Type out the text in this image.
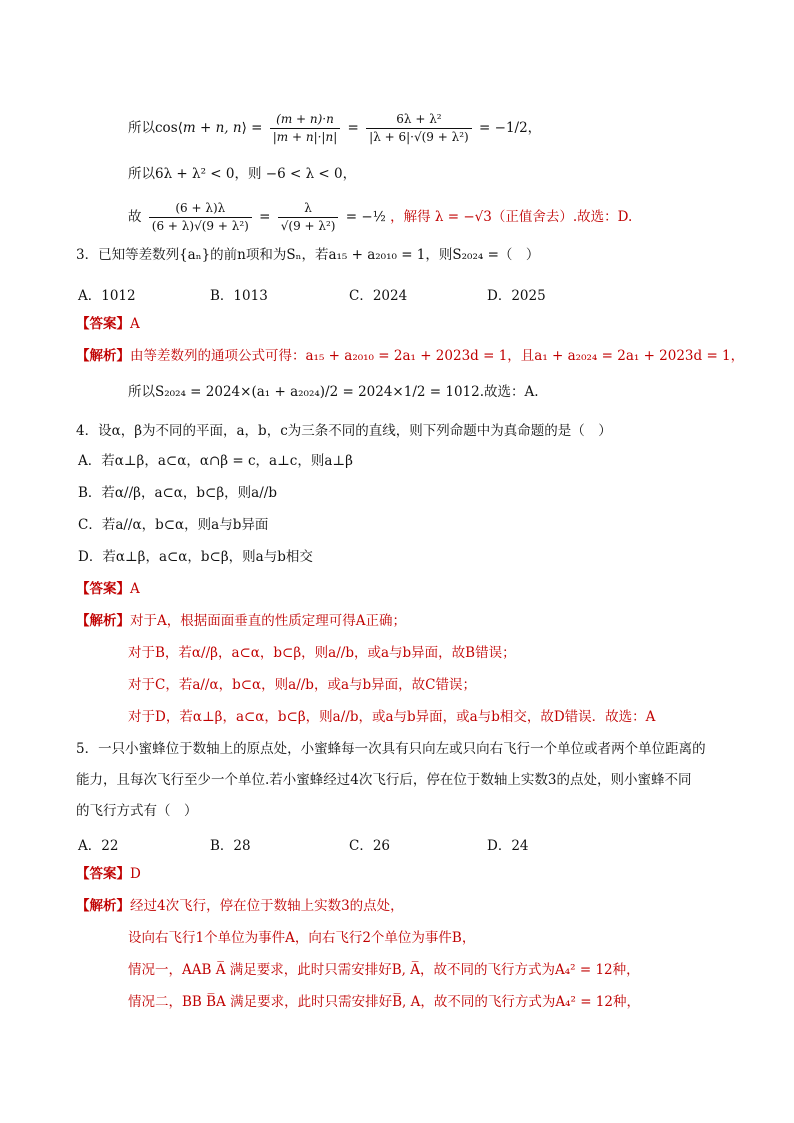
所以cos⟨m + n, n⟩ = $\frac{(m + n)\cdot n}{|m + n|\cdot|n|} = \frac{\text{6λ + λ²}}{\text{|λ + 6|·√(9 + λ²)}} = -1/2$，
所以6λ + λ² < 0，则 −6 < λ < 0，
故 $\frac{(6 + \lambda)\lambda}{\text{(6 + λ)√(9 + λ²)}} = \frac{\lambda}{\text{√(9 + λ²)}}$ = −½ ，解得 λ = −√3（正值舍去）.故选：D.
3．已知等差数列{aₙ}的前n项和为Sₙ，若a₁₅ + a₂₀₁₀ = 1，则S₂₀₂₄ =（　）
A．1012	B．1013	C．2024	D．2025
【答案】A
【解析】由等差数列的通项公式可得：a₁₅ + a₂₀₁₀ = 2a₁ + 2023d = 1，且a₁ + a₂₀₂₄ = 2a₁ + 2023d = 1，
所以S₂₀₂₄ = 2024×(a₁ + a₂₀₂₄)/2 = 2024×1/2 = 1012.故选：A.
4．设α，β为不同的平面，a，b，c为三条不同的直线，则下列命题中为真命题的是（　）
A．若α⊥β，a⊂α，α∩β = c，a⊥c，则a⊥β
B．若α//β，a⊂α，b⊂β，则a//b
C．若a//α，b⊂α，则a与b异面
D．若α⊥β，a⊂α，b⊂β，则a与b相交
【答案】A
【解析】对于A，根据面面垂直的性质定理可得A正确；
对于B，若α//β，a⊂α，b⊂β，则a//b，或a与b异面，故B错误；
对于C，若a//α，b⊂α，则a//b，或a与b异面，故C错误；
对于D，若α⊥β，a⊂α，b⊂β，则a//b，或a与b异面，或a与b相交，故D错误．故选：A
5．一只小蜜蜂位于数轴上的原点处，小蜜蜂每一次具有只向左或只向右飞行一个单位或者两个单位距离的
能力，且每次飞行至少一个单位.若小蜜蜂经过4次飞行后，停在位于数轴上实数3的点处，则小蜜蜂不同
的飞行方式有（　）
A．22	B．28	C．26	D．24
【答案】D
【解析】经过4次飞行，停在位于数轴上实数3的点处，
设向右飞行1个单位为事件A，向右飞行2个单位为事件B，
情况一，AAB A̅ 满足要求，此时只需安排好B, A̅，故不同的飞行方式为A₄² = 12种，
情况二，BB B̅A 满足要求，此时只需安排好B̅, A，故不同的飞行方式为A₄² = 12种，
